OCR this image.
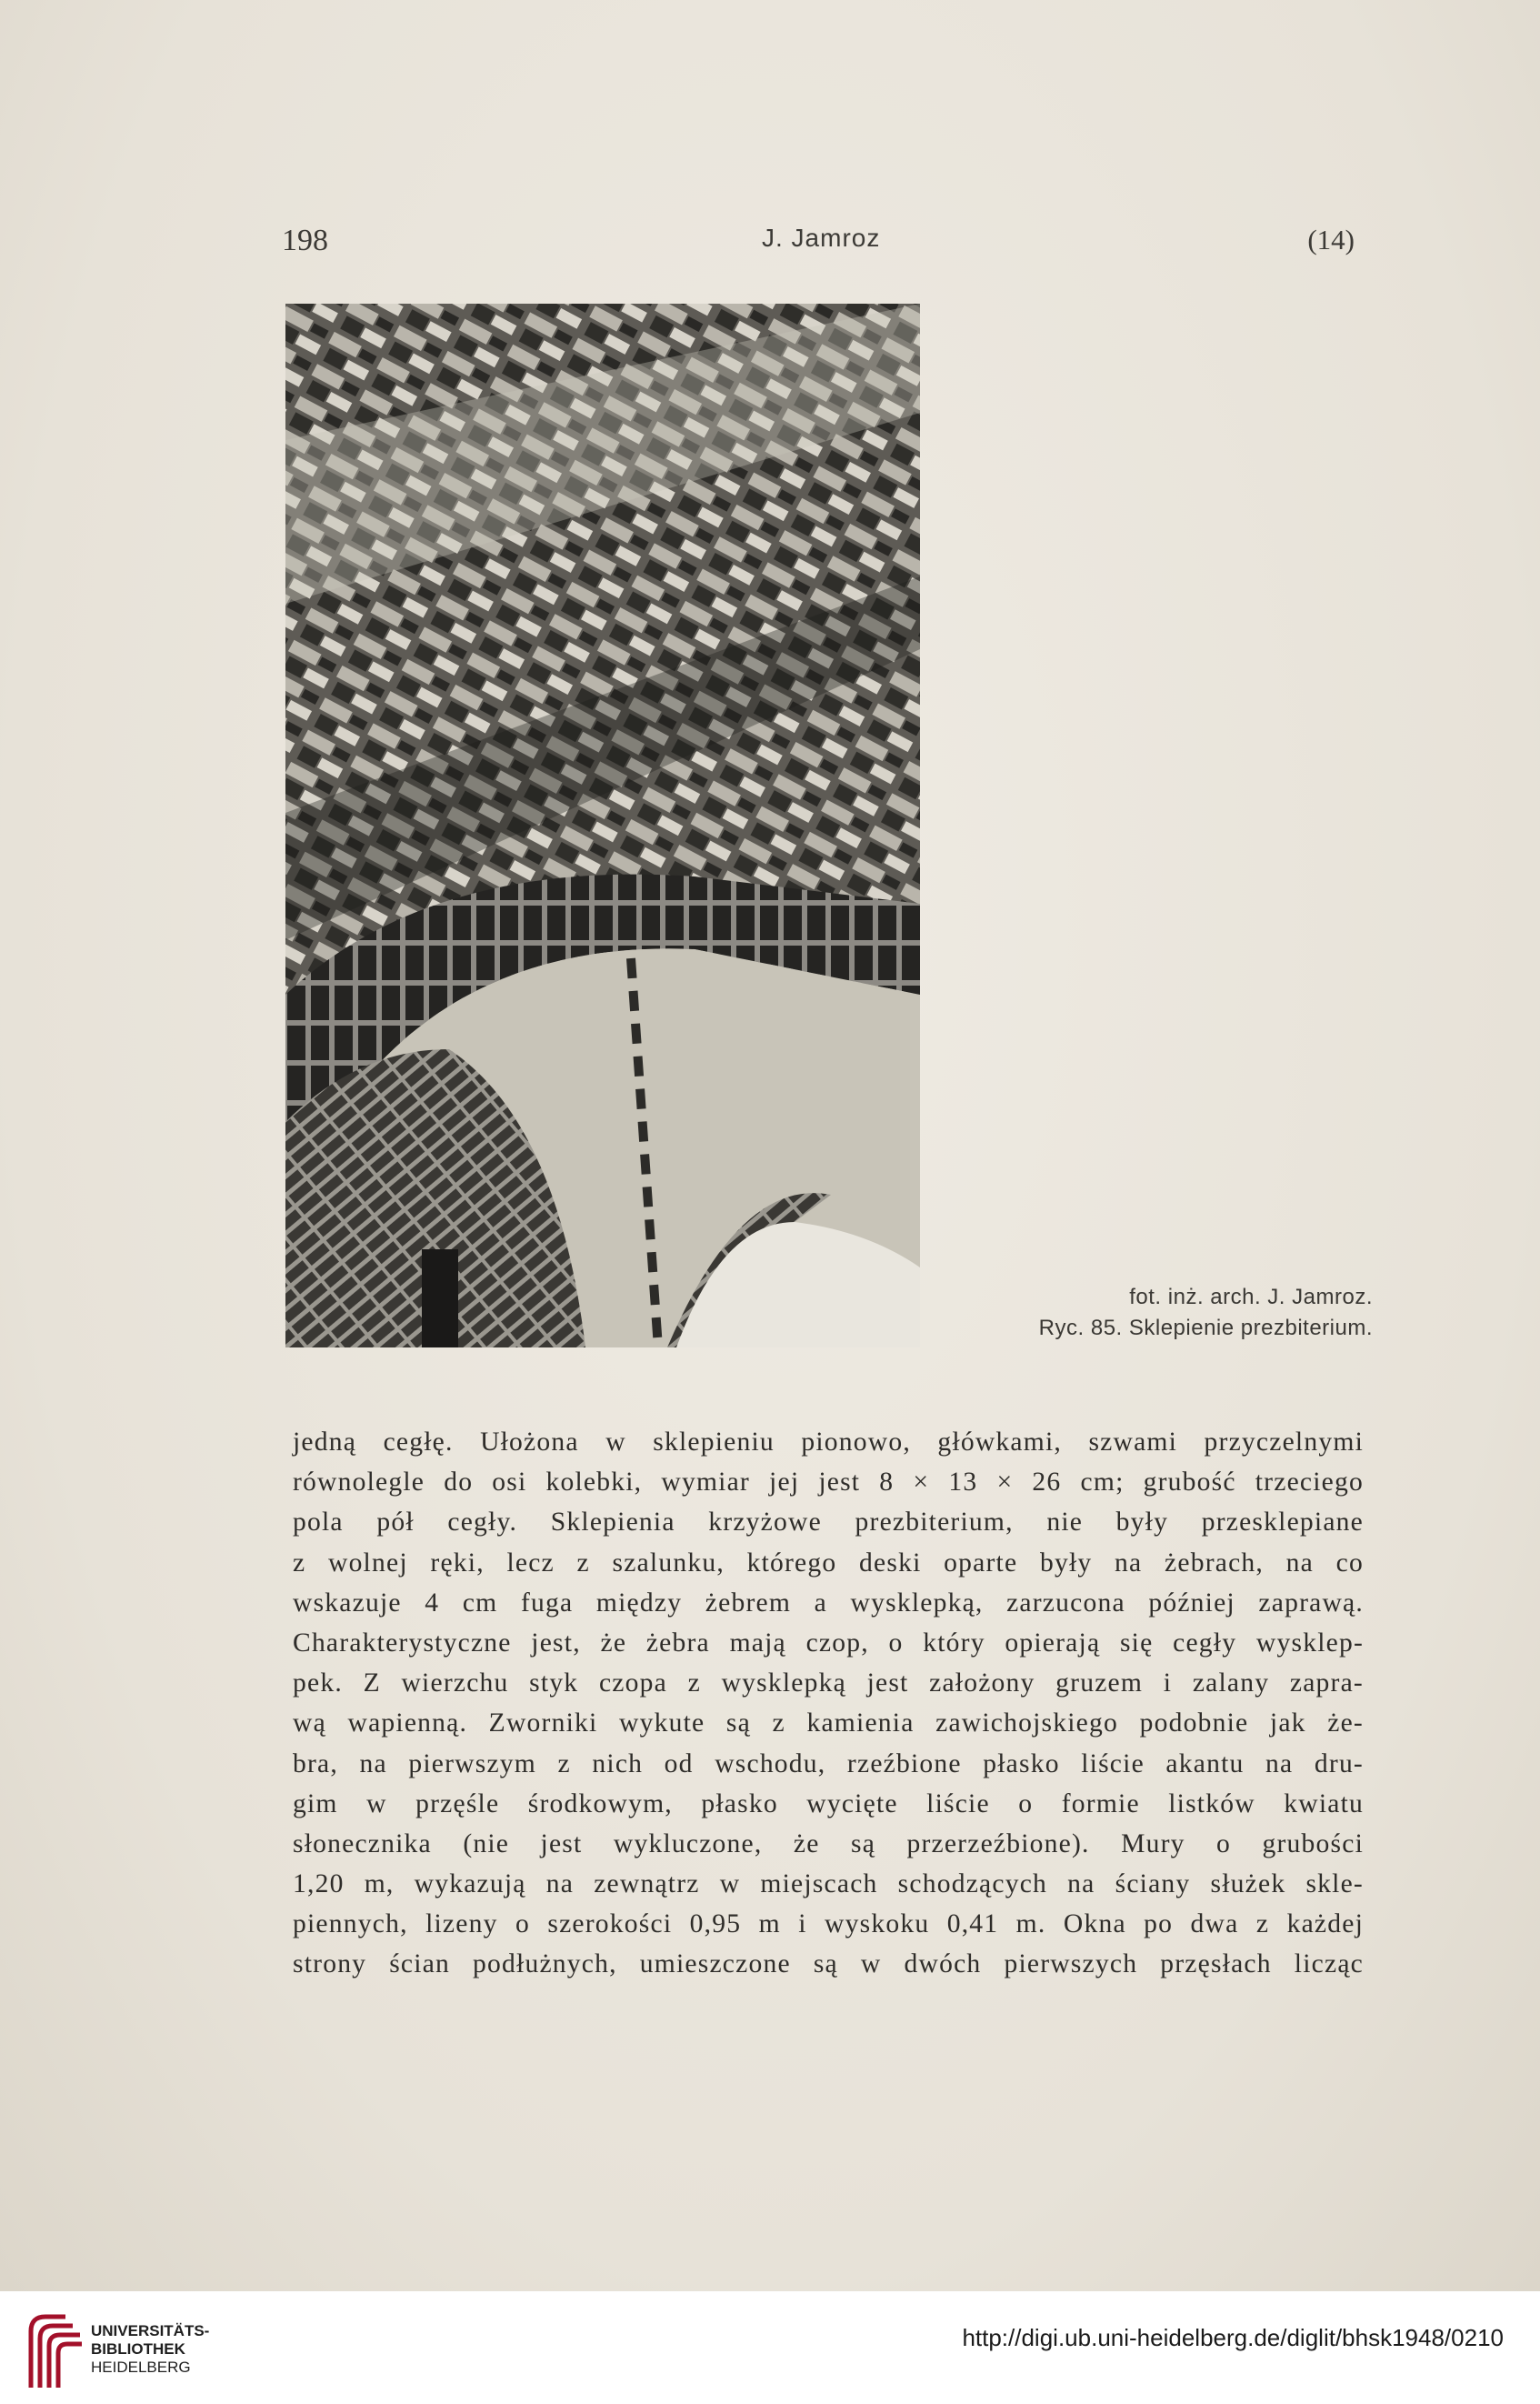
198	J. Jamroz	(14)
fot. inż. arch. J. Jamroz.
Ryc. 85. Sklepienie prezbiterium.
jedną cegłę. Ułożona w sklepieniu pionowo, główkami, szwami przyczelnymi
równolegle do osi kolebki, wymiar jej jest 8 × 13 × 26 cm; grubość trzeciego
pola pół cegły. Sklepienia krzyżowe prezbiterium, nie były przesklepiane
z wolnej ręki, lecz z szalunku, którego deski oparte były na żebrach, na co
wskazuje 4 cm fuga między żebrem a wysklepką, zarzucona później zaprawą.
Charakterystyczne jest, że żebra mają czop, o który opierają się cegły wysklep-
pek. Z wierzchu styk czopa z wysklepką jest założony gruzem i zalany zapra-
wą wapienną. Zworniki wykute są z kamienia zawichojskiego podobnie jak że-
bra, na pierwszym z nich od wschodu, rzeźbione płasko liście akantu na dru-
gim w przęśle środkowym, płasko wycięte liście o formie listków kwiatu
słonecznika (nie jest wykluczone, że są przerzeźbione). Mury o grubości
1,20 m, wykazują na zewnątrz w miejscach schodzących na ściany służek skle-
piennych, lizeny o szerokości 0,95 m i wyskoku 0,41 m. Okna po dwa z każdej
strony ścian podłużnych, umieszczone są w dwóch pierwszych przęsłach licząc
UNIVERSITÄTS-
BIBLIOTHEK
HEIDELBERG
http://digi.ub.uni-heidelberg.de/diglit/bhsk1948/0210
